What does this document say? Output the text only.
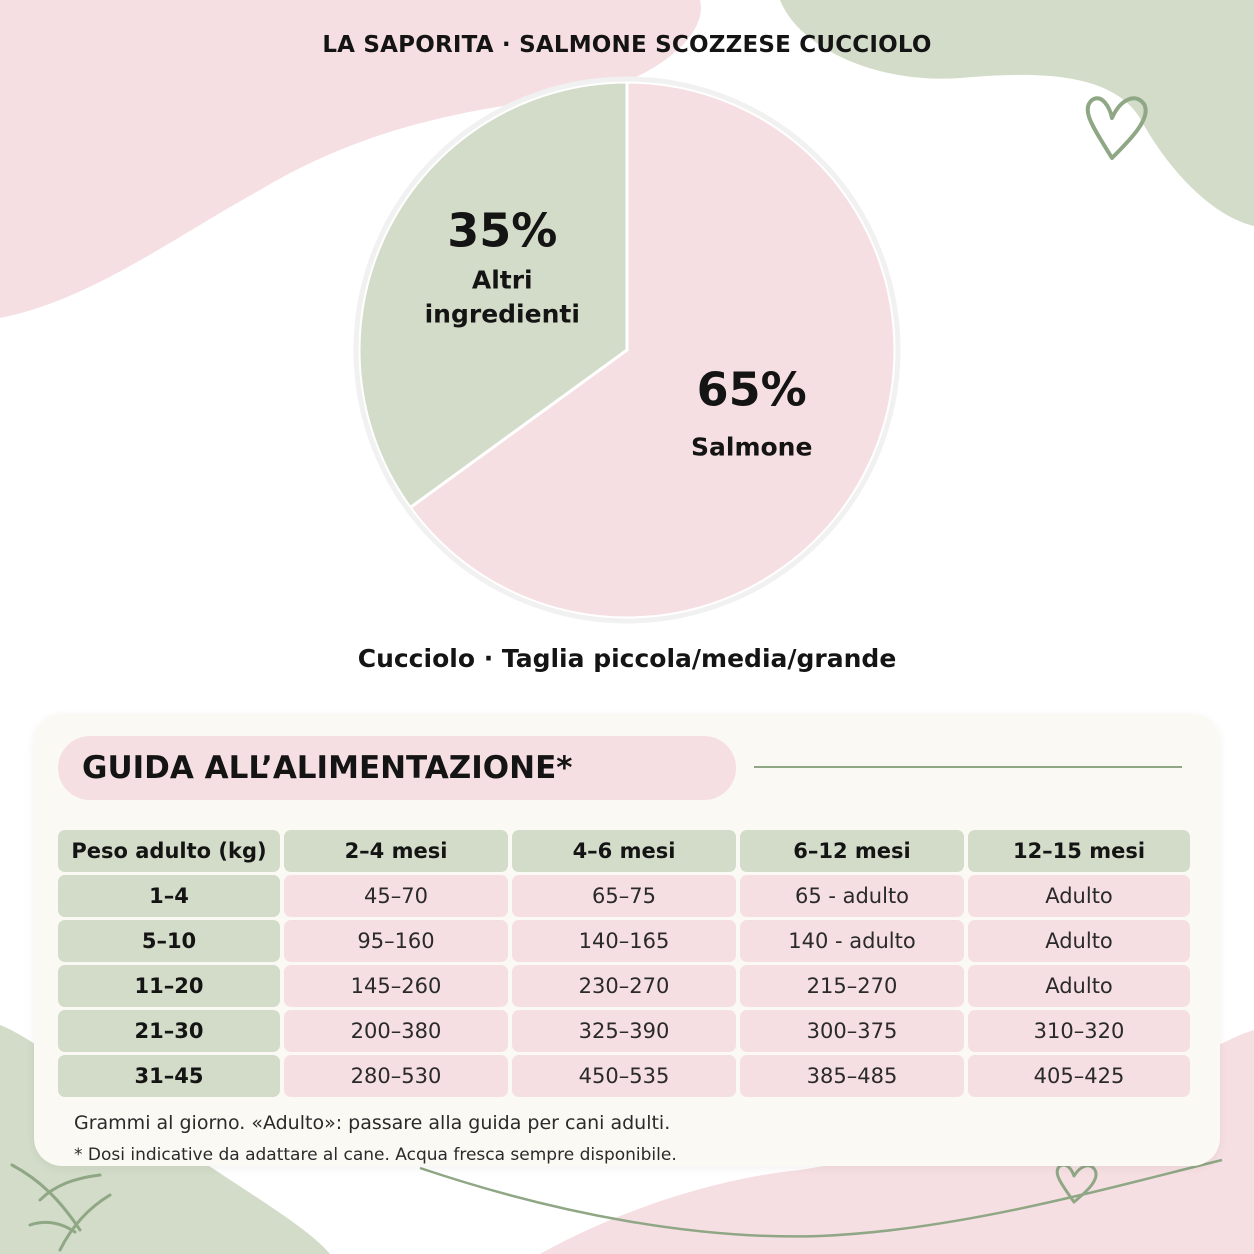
LA SAPORITA · SALMONE SCOZZESE CUCCIOLO
65%
Salmone
35%
Altri ingredienti
Cucciolo · Taglia piccola/media/grande
GUIDA ALL’ALIMENTAZIONE*
Peso adulto (kg)	2–4 mesi	4–6 mesi	6–12 mesi	12–15 mesi
1–4	45–70	65–75	65 - adulto	Adulto
5–10	95–160	140–165	140 - adulto	Adulto
11–20	145–260	230–270	215–270	Adulto
21–30	200–380	325–390	300–375	310–320
31–45	280–530	450–535	385–485	405–425
Grammi al giorno. «Adulto»: passare alla guida per cani adulti.
* Dosi indicative da adattare al cane. Acqua fresca sempre disponibile.
